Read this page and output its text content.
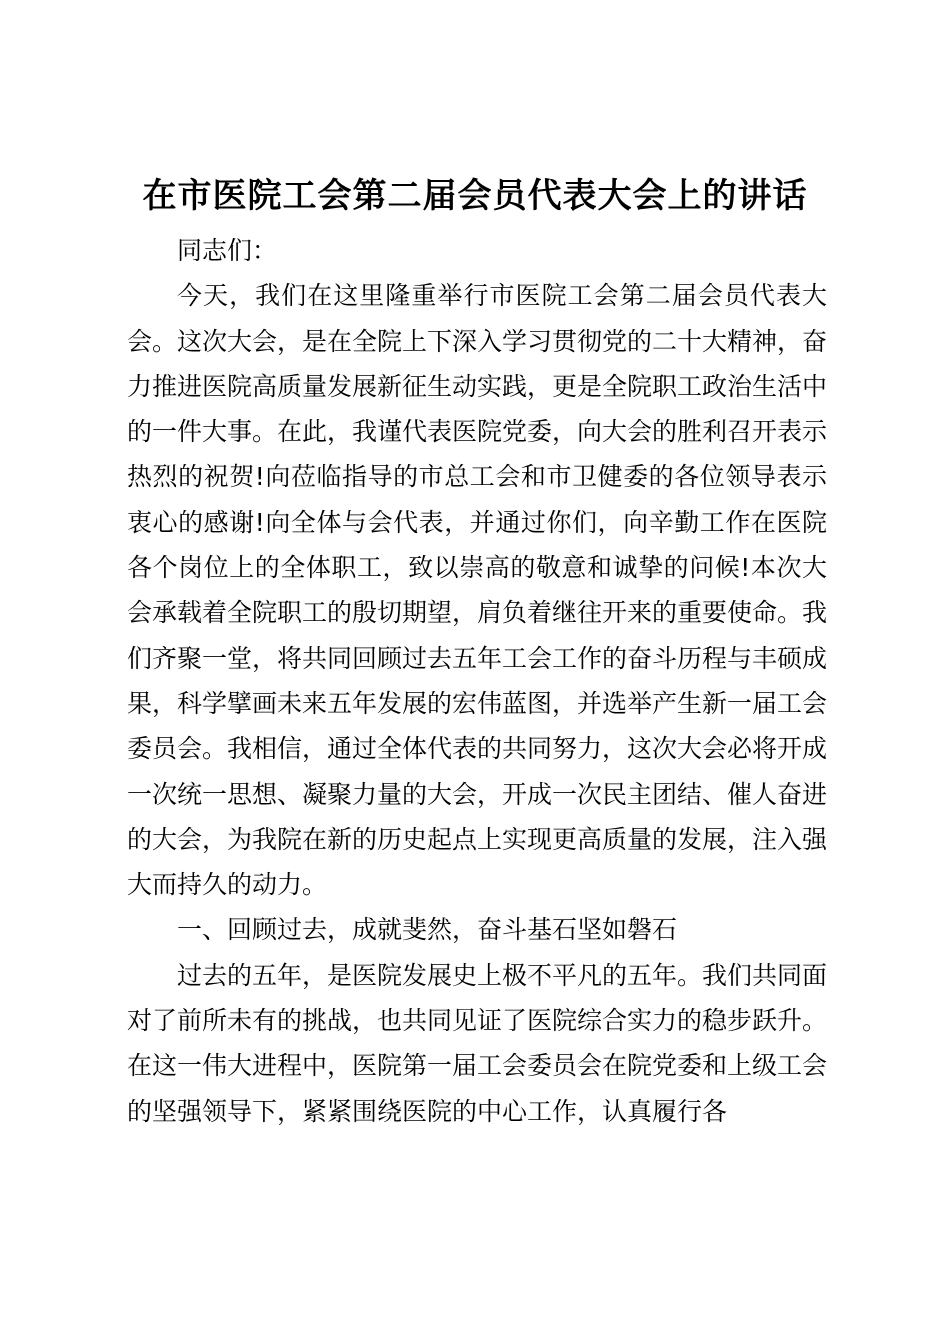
在市医院工会第二届会员代表大会上的讲话

同志们：

今天，我们在这里隆重举行市医院工会第二届会员代表大会。这次大会，是在全院上下深入学习贯彻党的二十大精神，奋力推进医院高质量发展新征生动实践，更是全院职工政治生活中的一件大事。在此，我谨代表医院党委，向大会的胜利召开表示热烈的祝贺!向莅临指导的市总工会和市卫健委的各位领导表示衷心的感谢!向全体与会代表，并通过你们，向辛勤工作在医院各个岗位上的全体职工，致以崇高的敬意和诚挚的问候!本次大会承载着全院职工的殷切期望，肩负着继往开来的重要使命。我们齐聚一堂，将共同回顾过去五年工会工作的奋斗历程与丰硕成果，科学擘画未来五年发展的宏伟蓝图，并选举产生新一届工会委员会。我相信，通过全体代表的共同努力，这次大会必将开成一次统一思想、凝聚力量的大会，开成一次民主团结、催人奋进的大会，为我院在新的历史起点上实现更高质量的发展，注入强大而持久的动力。

一、回顾过去，成就斐然，奋斗基石坚如磐石

过去的五年，是医院发展史上极不平凡的五年。我们共同面对了前所未有的挑战，也共同见证了医院综合实力的稳步跃升。在这一伟大进程中，医院第一届工会委员会在院党委和上级工会的坚强领导下，紧紧围绕医院的中心工作，认真履行各
